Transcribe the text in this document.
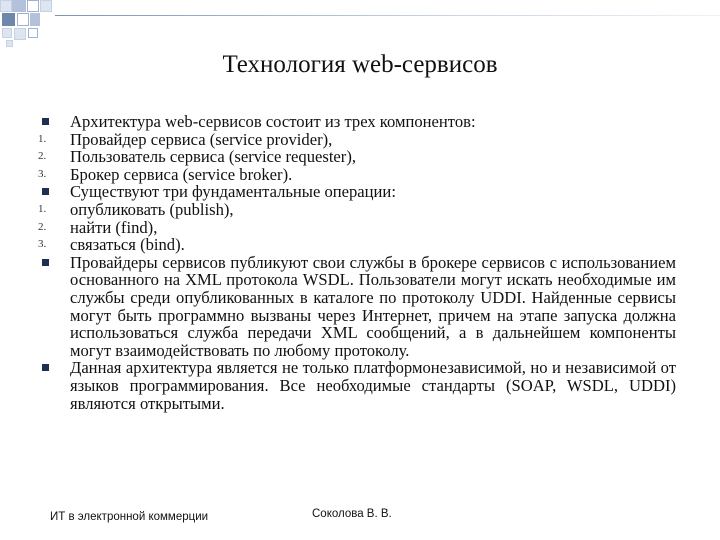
Технология web-сервисов
Архитектура web-сервисов состоит из трех компонентов:
1. Провайдер сервиса (service provider),
2. Пользователь сервиса (service requester),
3. Брокер сервиса (service broker).
Существуют три фундаментальные операции:
1. опубликовать (publish),
2. найти (find),
3. связаться (bind).
Провайдеры сервисов публикуют свои службы в брокере сервисов с использованием основанного на XML протокола WSDL. Пользователи могут искать необходимые им службы среди опубликованных в каталоге по протоколу UDDI. Найденные сервисы могут быть программно вызваны через Интернет, причем на этапе запуска должна использоваться служба передачи XML сообщений, а в дальнейшем компоненты могут взаимодействовать по любому протоколу.
Данная архитектура является не только платформонезависимой, но и независимой от языков программирования. Все необходимые стандарты (SOAP, WSDL, UDDI) являются открытыми.
ИТ в электронной коммерции	Соколова В. В.
